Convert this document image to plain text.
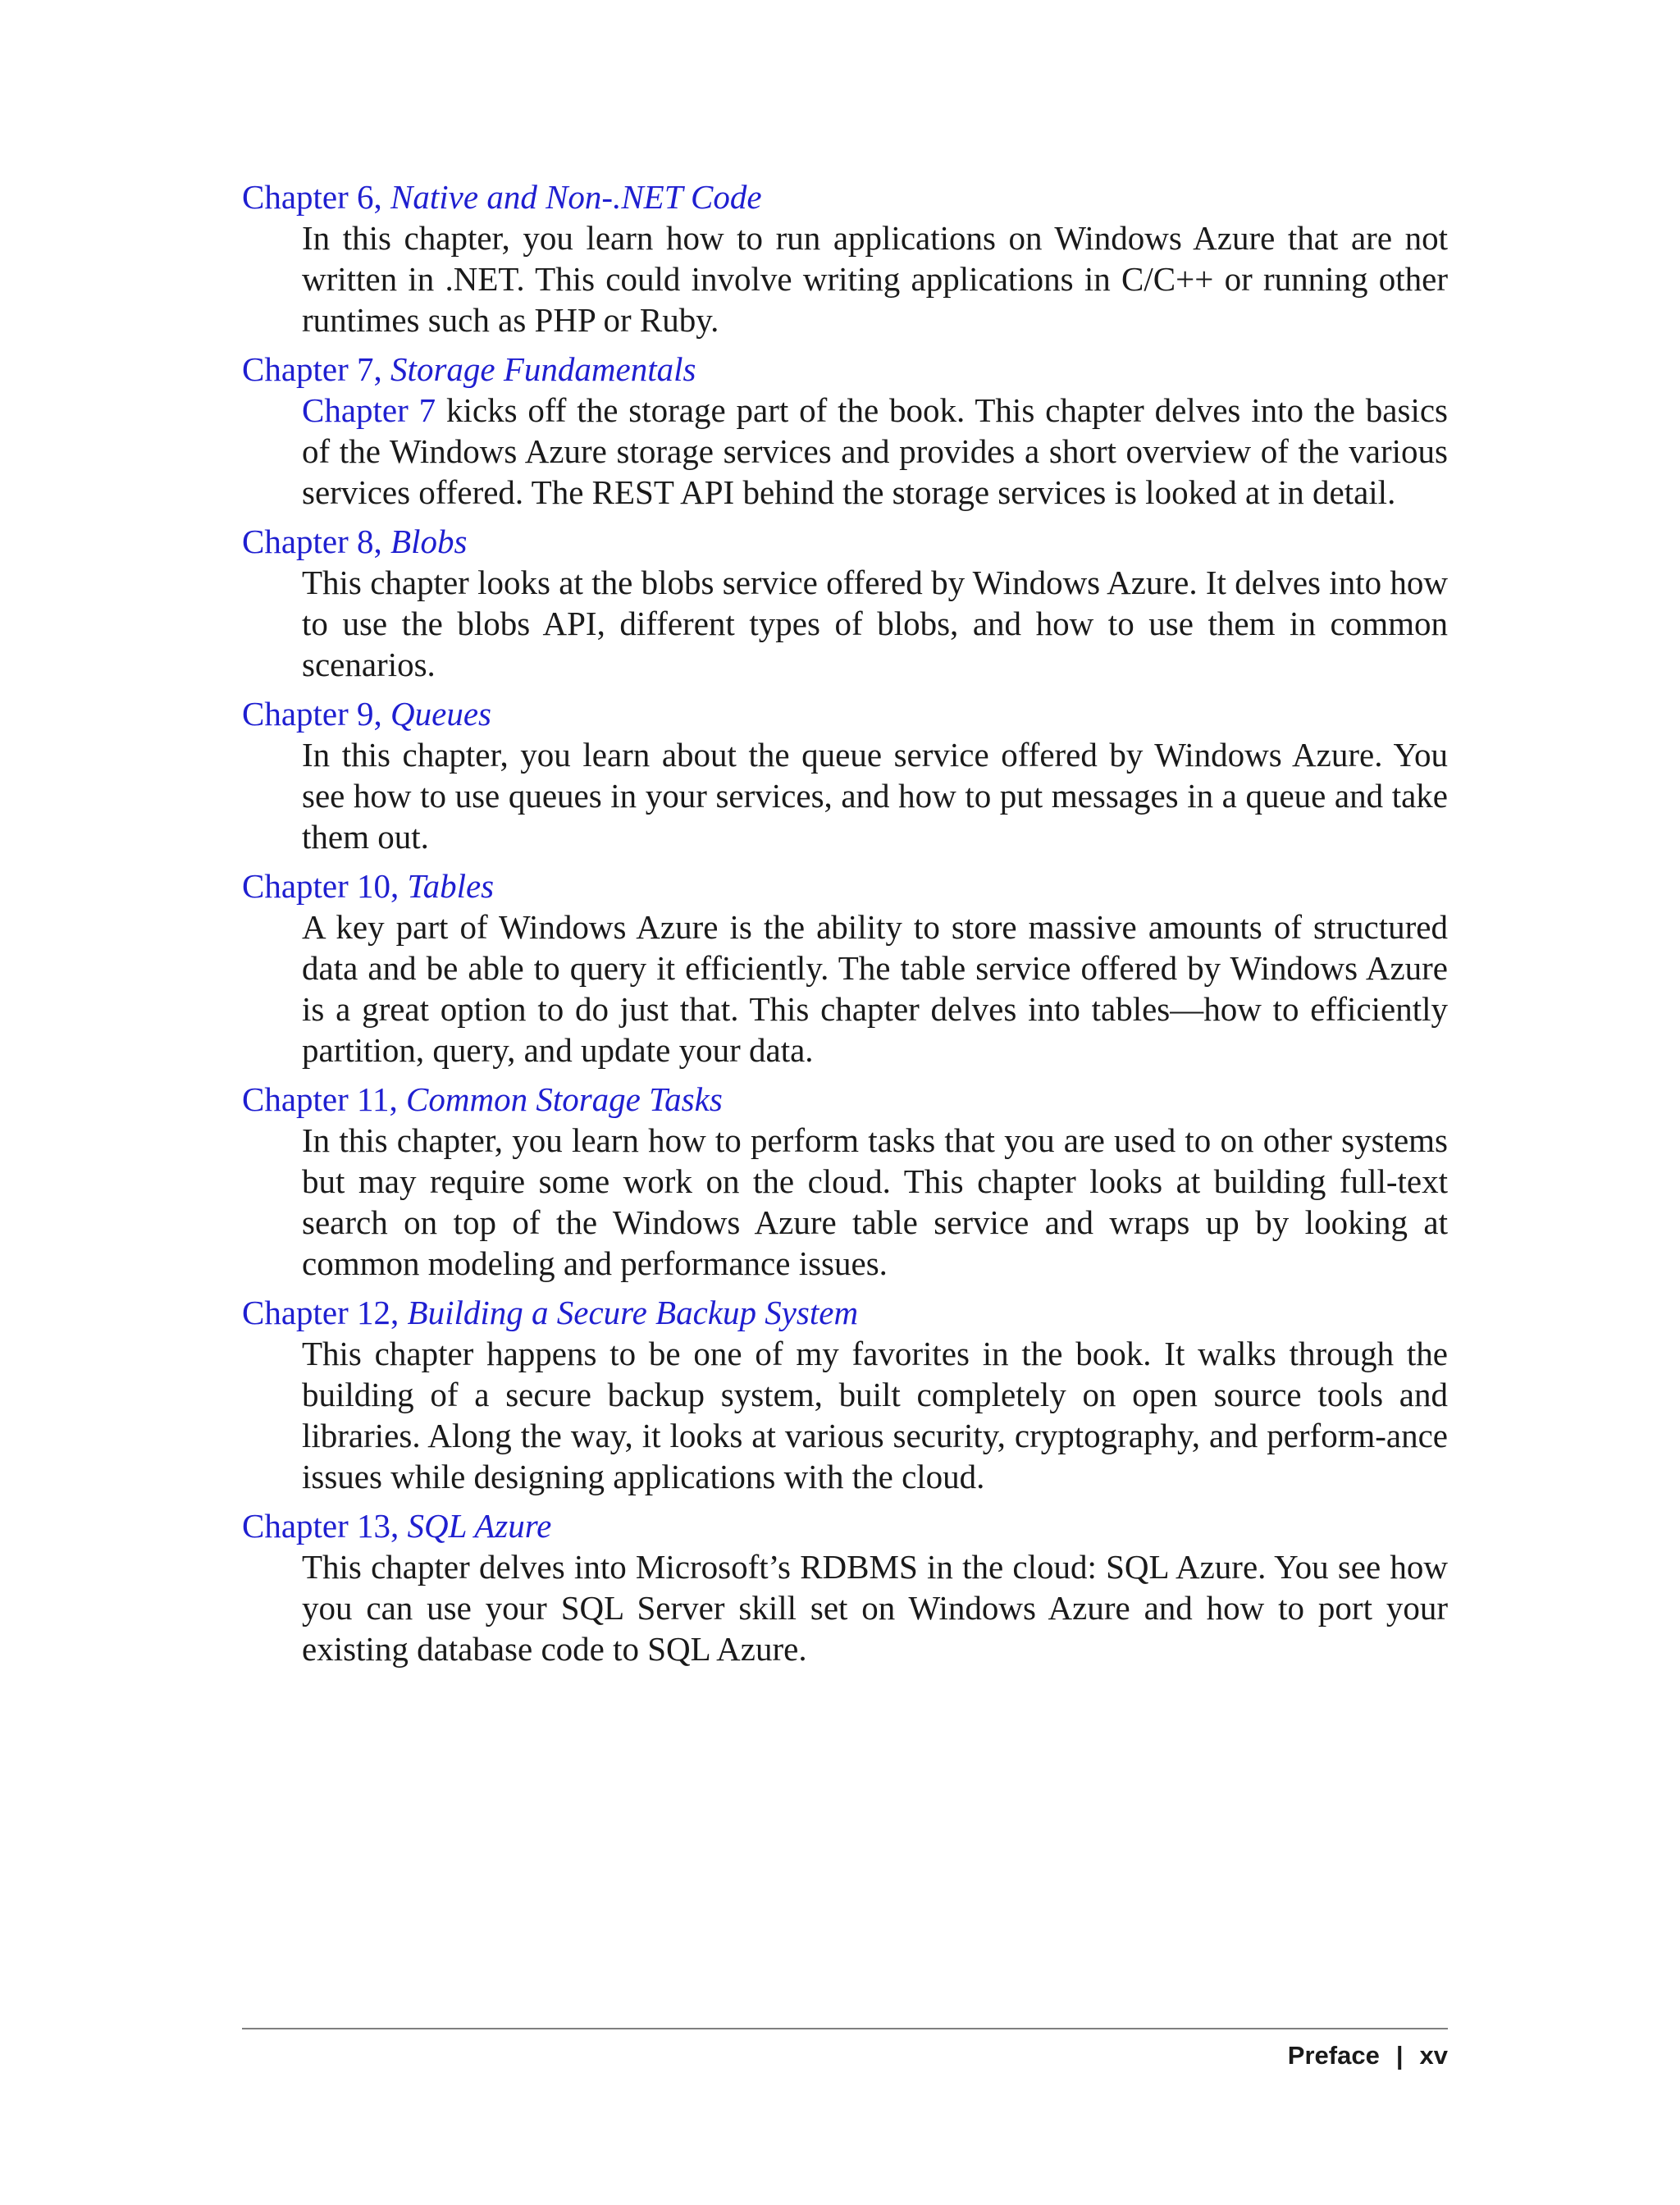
Chapter 6, Native and Non-.NET Code
In this chapter, you learn how to run applications on Windows Azure that are not written in .NET. This could involve writing applications in C/C++ or running other runtimes such as PHP or Ruby.
Chapter 7, Storage Fundamentals
Chapter 7 kicks off the storage part of the book. This chapter delves into the basics of the Windows Azure storage services and provides a short overview of the various services offered. The REST API behind the storage services is looked at in detail.
Chapter 8, Blobs
This chapter looks at the blobs service offered by Windows Azure. It delves into how to use the blobs API, different types of blobs, and how to use them in common scenarios.
Chapter 9, Queues
In this chapter, you learn about the queue service offered by Windows Azure. You see how to use queues in your services, and how to put messages in a queue and take them out.
Chapter 10, Tables
A key part of Windows Azure is the ability to store massive amounts of structured data and be able to query it efficiently. The table service offered by Windows Azure is a great option to do just that. This chapter delves into tables—how to efficiently partition, query, and update your data.
Chapter 11, Common Storage Tasks
In this chapter, you learn how to perform tasks that you are used to on other systems but may require some work on the cloud. This chapter looks at building full-text search on top of the Windows Azure table service and wraps up by looking at common modeling and performance issues.
Chapter 12, Building a Secure Backup System
This chapter happens to be one of my favorites in the book. It walks through the building of a secure backup system, built completely on open source tools and libraries. Along the way, it looks at various security, cryptography, and perform-ance issues while designing applications with the cloud.
Chapter 13, SQL Azure
This chapter delves into Microsoft’s RDBMS in the cloud: SQL Azure. You see how you can use your SQL Server skill set on Windows Azure and how to port your existing database code to SQL Azure.
Preface | xv
